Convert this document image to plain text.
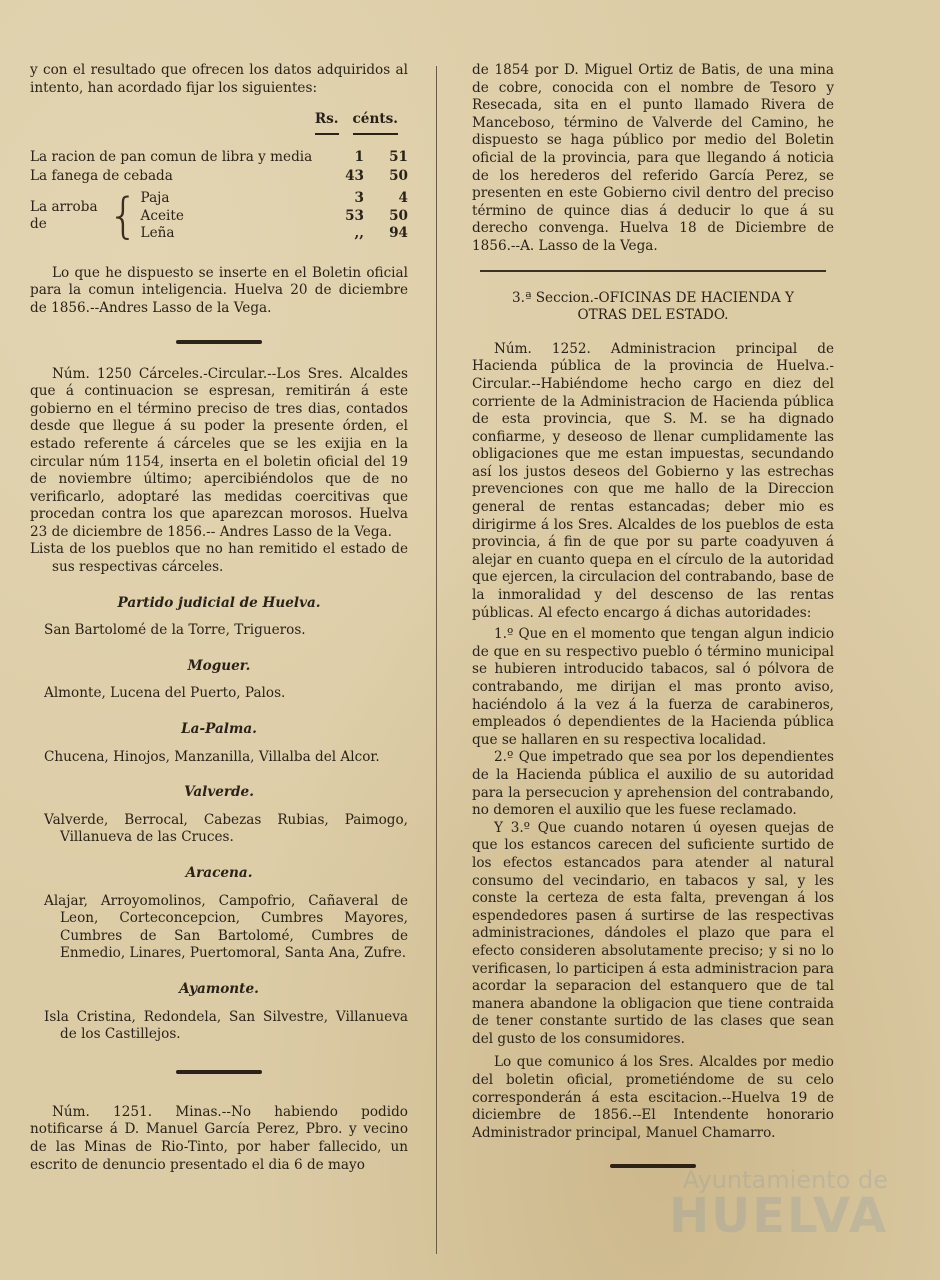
y con el resultado que ofrecen los datos adquiridos al intento, han acordado fijar los siguientes:

Rs. cénts.
La racion de pan comun de libra y media	1	51
La fanega de cebada	43	50
La arroba de	{ Paja	3	4
Aceite	53	50
Leña	,,	94

Lo que he dispuesto se inserte en el Boletin oficial para la comun inteligencia. Huelva 20 de diciembre de 1856.--Andres Lasso de la Vega.

Núm. 1250 Cárceles.-Circular.--Los Sres. Alcaldes que á continuacion se espresan, remitirán á este gobierno en el término preciso de tres dias, contados desde que llegue á su poder la presente órden, el estado referente á cárceles que se les exijia en la circular núm 1154, inserta en el boletin oficial del 19 de noviembre último; apercibiéndolos que de no verificarlo, adoptaré las medidas coercitivas que procedan contra los que aparezcan morosos. Huelva 23 de diciembre de 1856.-- Andres Lasso de la Vega.

Lista de los pueblos que no han remitido el estado de sus respectivas cárceles.

Partido judicial de Huelva.

San Bartolomé de la Torre, Trigueros.

Moguer.

Almonte, Lucena del Puerto, Palos.

La-Palma.

Chucena, Hinojos, Manzanilla, Villalba del Alcor.

Valverde.

Valverde, Berrocal, Cabezas Rubias, Paimogo, Villanueva de las Cruces.

Aracena.

Alajar, Arroyomolinos, Campofrio, Cañaveral de Leon, Corteconcepcion, Cumbres Mayores, Cumbres de San Bartolomé, Cumbres de Enmedio, Linares, Puertomoral, Santa Ana, Zufre.

Ayamonte.

Isla Cristina, Redondela, San Silvestre, Villanueva de los Castillejos.

Núm. 1251. Minas.--No habiendo podido notificarse á D. Manuel García Perez, Pbro. y vecino de las Minas de Rio-Tinto, por haber fallecido, un escrito de denuncio presentado el dia 6 de mayo

de 1854 por D. Miguel Ortiz de Batis, de una mina de cobre, conocida con el nombre de Tesoro y Resecada, sita en el punto llamado Rivera de Manceboso, término de Valverde del Camino, he dispuesto se haga público por medio del Boletin oficial de la provincia, para que llegando á noticia de los herederos del referido García Perez, se presenten en este Gobierno civil dentro del preciso término de quince dias á deducir lo que á su derecho convenga. Huelva 18 de Diciembre de 1856.--A. Lasso de la Vega.

3.ª Seccion.-OFICINAS DE HACIENDA Y OTRAS DEL ESTADO.

Núm. 1252. Administracion principal de Hacienda pública de la provincia de Huelva.-Circular.--Habiéndome hecho cargo en diez del corriente de la Administracion de Hacienda pública de esta provincia, que S. M. se ha dignado confiarme, y deseoso de llenar cumplidamente las obligaciones que me estan impuestas, secundando así los justos deseos del Gobierno y las estrechas prevenciones con que me hallo de la Direccion general de rentas estancadas; deber mio es dirigirme á los Sres. Alcaldes de los pueblos de esta provincia, á fin de que por su parte coadyuven á alejar en cuanto quepa en el círculo de la autoridad que ejercen, la circulacion del contrabando, base de la inmoralidad y del descenso de las rentas públicas. Al efecto encargo á dichas autoridades:

1.º Que en el momento que tengan algun indicio de que en su respectivo pueblo ó término municipal se hubieren introducido tabacos, sal ó pólvora de contrabando, me dirijan el mas pronto aviso, haciéndolo á la vez á la fuerza de carabineros, empleados ó dependientes de la Hacienda pública que se hallaren en su respectiva localidad.

2.º Que impetrado que sea por los dependientes de la Hacienda pública el auxilio de su autoridad para la persecucion y aprehension del contrabando, no demoren el auxilio que les fuese reclamado.

Y 3.º Que cuando notaren ú oyesen quejas de que los estancos carecen del suficiente surtido de los efectos estancados para atender al natural consumo del vecindario, en tabacos y sal, y les conste la certeza de esta falta, prevengan á los espendedores pasen á surtirse de las respectivas administraciones, dándoles el plazo que para el efecto consideren absolutamente preciso; y si no lo verificasen, lo participen á esta administracion para acordar la separacion del estanquero que de tal manera abandone la obligacion que tiene contraida de tener constante surtido de las clases que sean del gusto de los consumidores.

Lo que comunico á los Sres. Alcaldes por medio del boletin oficial, prometiéndome de su celo corresponderán á esta escitacion.--Huelva 19 de diciembre de 1856.--El Intendente honorario Administrador principal, Manuel Chamarro.

Ayuntamiento de
HUELVA
